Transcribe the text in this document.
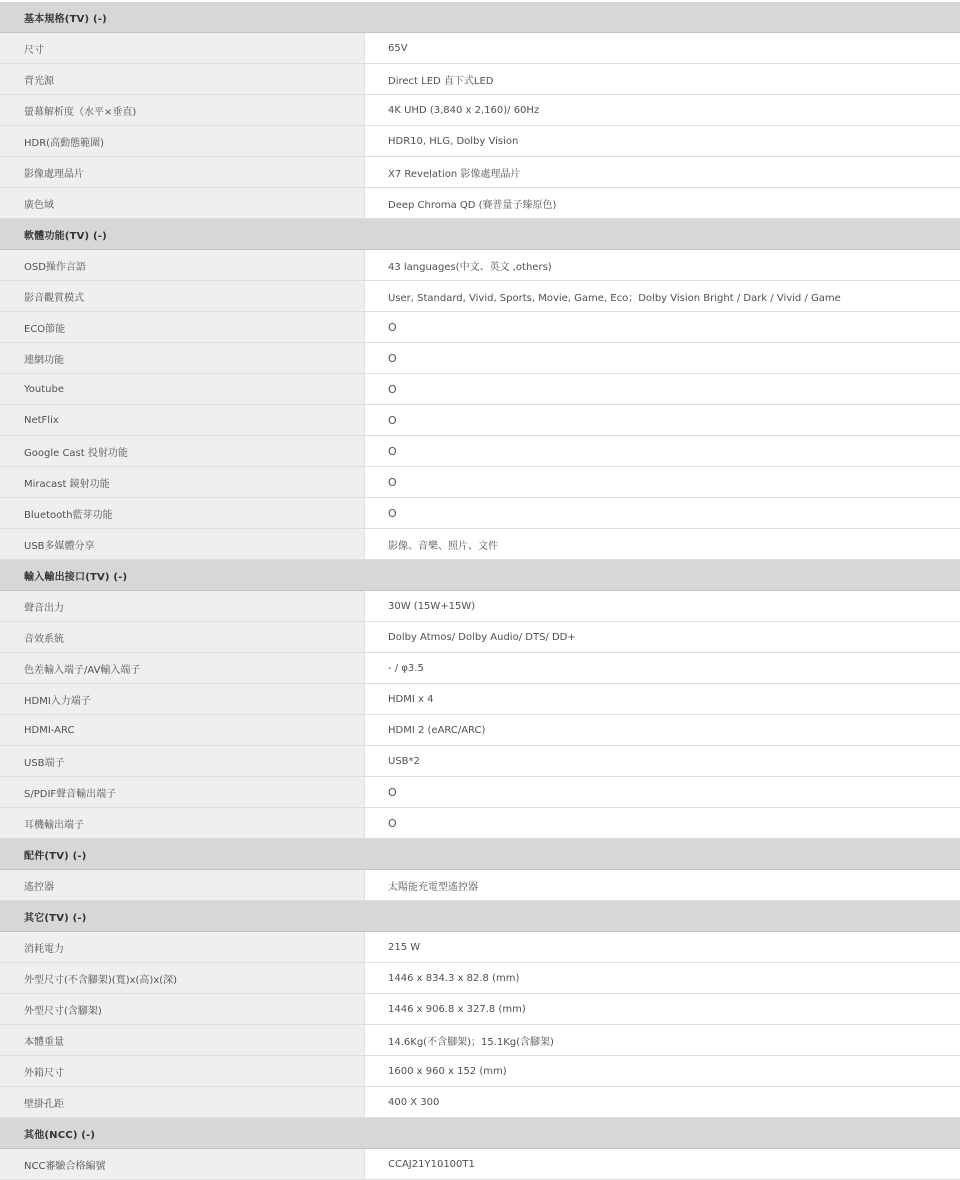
基本規格(TV) (-)
尺寸	65V
背光源	Direct LED 直下式LED
螢幕解析度（水平×垂直)	4K UHD (3,840 x 2,160)/ 60Hz
HDR(高動態範圍)	HDR10, HLG, Dolby Vision
影像處理晶片	X7 Revelation 影像處理晶片
廣色域	Deep Chroma QD (賽普量子臻原色)
軟體功能(TV) (-)
OSD操作言語	43 languages(中文、英文 ,others)
影音觀賞模式	User, Standard, Vivid, Sports, Movie, Game, Eco；Dolby Vision Bright / Dark / Vivid / Game
ECO節能	O
連網功能	O
Youtube	O
NetFlix	O
Google Cast 投射功能	O
Miracast 鏡射功能	O
Bluetooth藍芽功能	O
USB多媒體分享	影像、音樂、照片、文件
輸入輸出接口(TV) (-)
聲音出力	30W (15W+15W)
音效系統	Dolby Atmos/ Dolby Audio/ DTS/ DD+
色差輸入端子/AV輸入端子	- / φ3.5
HDMI入力端子	HDMI x 4
HDMI-ARC	HDMI 2 (eARC/ARC)
USB端子	USB*2
S/PDIF聲音輸出端子	O
耳機輸出端子	O
配件(TV) (-)
遙控器	太陽能充電型遙控器
其它(TV) (-)
消耗電力	215 W
外型尺寸(不含腳架)(寬)x(高)x(深)	1446 x 834.3 x 82.8 (mm)
外型尺寸(含腳架)	1446 x 906.8 x 327.8 (mm)
本體重量	14.6Kg(不含腳架)；15.1Kg(含腳架)
外箱尺寸	1600 x 960 x 152 (mm)
壁掛孔距	400 X 300
其他(NCC) (-)
NCC審驗合格編號	CCAJ21Y10100T1
